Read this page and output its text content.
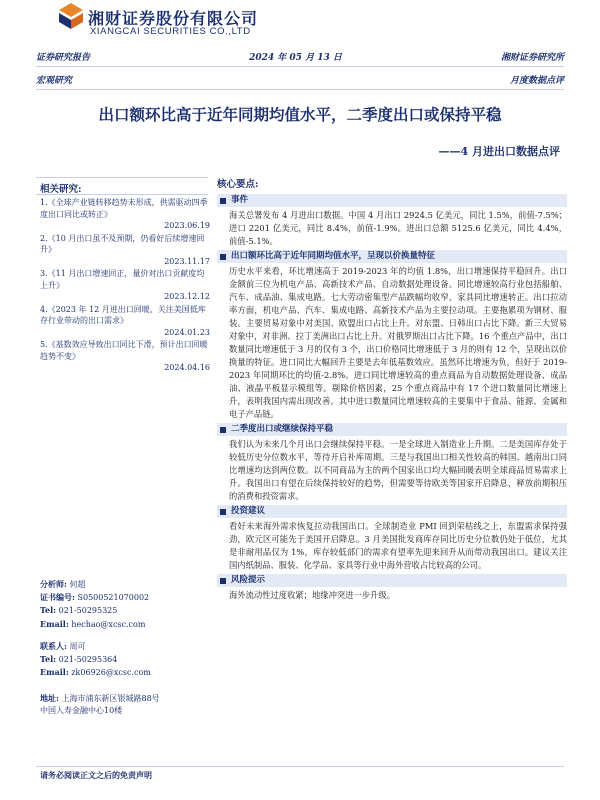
湘财证券股份有限公司
XIANGCAI SECURITIES CO.,LTD
证券研究报告	2024 年 05 月 13 日	湘财证券研究所
宏观研究	月度数据点评
出口额环比高于近年同期均值水平，二季度出口或保持平稳
——4 月进出口数据点评
相关研究:
1.《全球产业链转移趋势未形成，供需驱动四季度出口同比或转正》
2023.06.19
2.《10 月出口虽不及预期，仍看好后续增速回升》
2023.11.17
3.《11 月出口增速回正，量价对出口贡献度均上升》
2023.12.12
4.《2023 年 12 月进出口回暖，关注美国低库存行业带动的出口需求》
2024.01.23
5.《基数效应导致出口同比下滑，预计出口回暖趋势不变》
2024.04.16
分析师: 何超
证书编号: S0500521070002
Tel: 021-50295325
Email: hechao@xcsc.com
联系人: 周可
Tel: 021-50295364
Email: zk06926@xcsc.com
地址: 上海市浦东新区银城路88号
中国人寿金融中心10楼
核心要点:
事件
海关总署发布 4 月进出口数据。中国 4 月出口 2924.5 亿美元，同比 1.5%，前值-7.5%；进口 2201 亿美元，同比 8.4%，前值-1.9%。进出口总额 5125.6 亿美元，同比 4.4%，前值-5.1%。
出口额环比高于近年同期均值水平，呈现以价换量特征
历史水平来看，环比增速高于 2019-2023 年的均值 1.8%，出口增速保持平稳回升。出口金额前三位为机电产品、高新技术产品、自动数据处理设备。同比增速较高行业包括船舶、汽车、成品油、集成电路。七大劳动密集型产品跌幅均收窄，家具同比增速转正。出口拉动率方面，机电产品、汽车、集成电路、高新技术产品为主要拉动项。主要拖累项为钢材、服装。主要贸易对象中对美国、欧盟出口占比上升。对东盟、日韩出口占比下降。新三大贸易对象中，对非洲、拉丁美洲出口占比上升。对俄罗斯出口占比下降。16 个重点产品中，出口数量同比增速低于 3 月的仅有 3 个，出口价格同比增速低于 3 月的则有 12 个，呈现出以价换量的特征。进口同比大幅回升主要是去年低基数效应。虽然环比增速为负，但好于 2019-2023 年同期环比的均值-2.8%。进口同比增速较高的重点商品为自动数据处理设备、成品油、液晶平板显示模组等。剔除价格因素，25 个重点商品中有 17 个进口数量同比增速上升，表明我国内需出现改善。其中进口数量同比增速较高的主要集中于食品、能源、金属和电子产品链。
二季度出口或继续保持平稳
我们认为未来几个月出口会继续保持平稳。一是全球进入制造业上升期。二是美国库存处于较低历史分位数水平，等待开启补库周期。三是与我国出口相关性较高的韩国、越南出口同比增速均达到两位数。以不同商品为主的两个国家出口均大幅回暖表明全球商品贸易需求上升。我国出口有望在后续保持较好的趋势，但需要等待欧美等国家开启降息，释放前期积压的消费和投资需求。
投资建议
看好未来海外需求恢复拉动我国出口。全球制造业 PMI 回到荣枯线之上，东盟需求保持强劲，欧元区可能先于美国开启降息。3 月美国批发商库存同比历史分位数仍处于低位，尤其是非耐用品仅为 1%，库存较低部门的需求有望率先迎来回升从而带动我国出口。建议关注国内纸制品、服装、化学品、家具等行业中海外营收占比较高的公司。
风险提示
海外流动性过度收紧；地缘冲突进一步升级。
请务必阅读正文之后的免责声明
